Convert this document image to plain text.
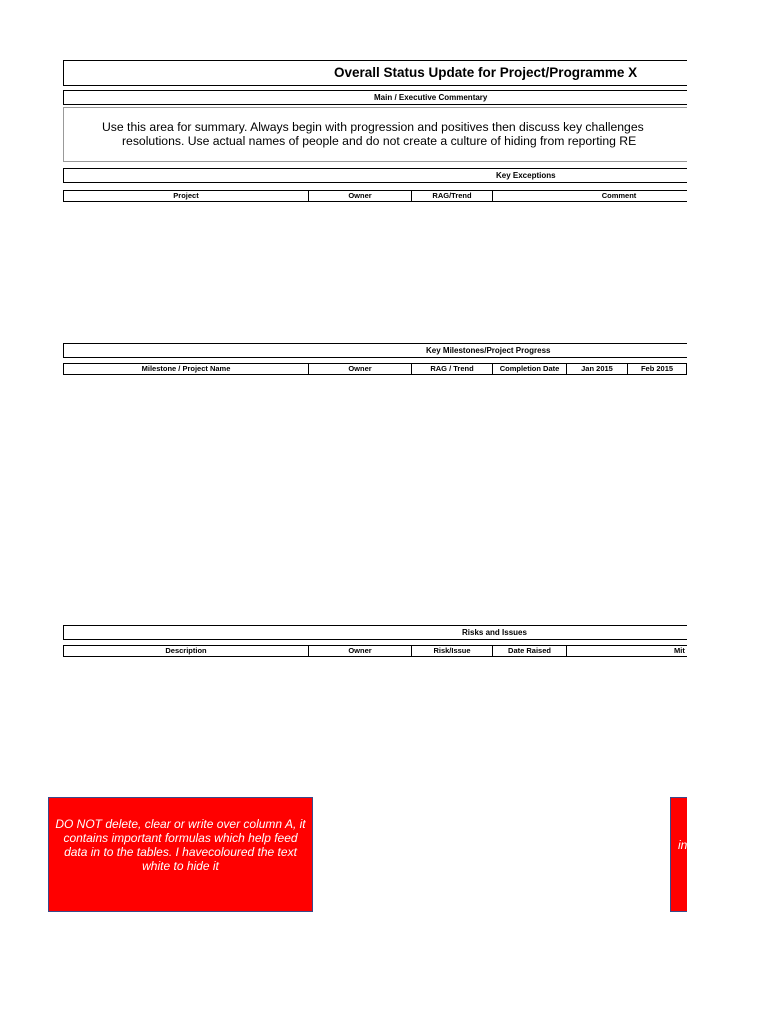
Overall Status Update for Project/Programme X
Main / Executive Commentary
Use this area for summary. Always begin with progression and positives then discuss key challenges
resolutions. Use actual names of people and do not create a culture of hiding from reporting RE
Key Exceptions
Project	Owner	RAG/Trend	Comment
Key Milestones/Project Progress
Milestone / Project Name	Owner	RAG / Trend	Completion Date	Jan 2015	Feb 2015
Risks and Issues
Description	Owner	Risk/Issue	Date Raised	Mit
DO NOT delete, clear or write over column A, it contains important formulas which help feed data in to the tables. I havecoloured the text white to hide it
in
